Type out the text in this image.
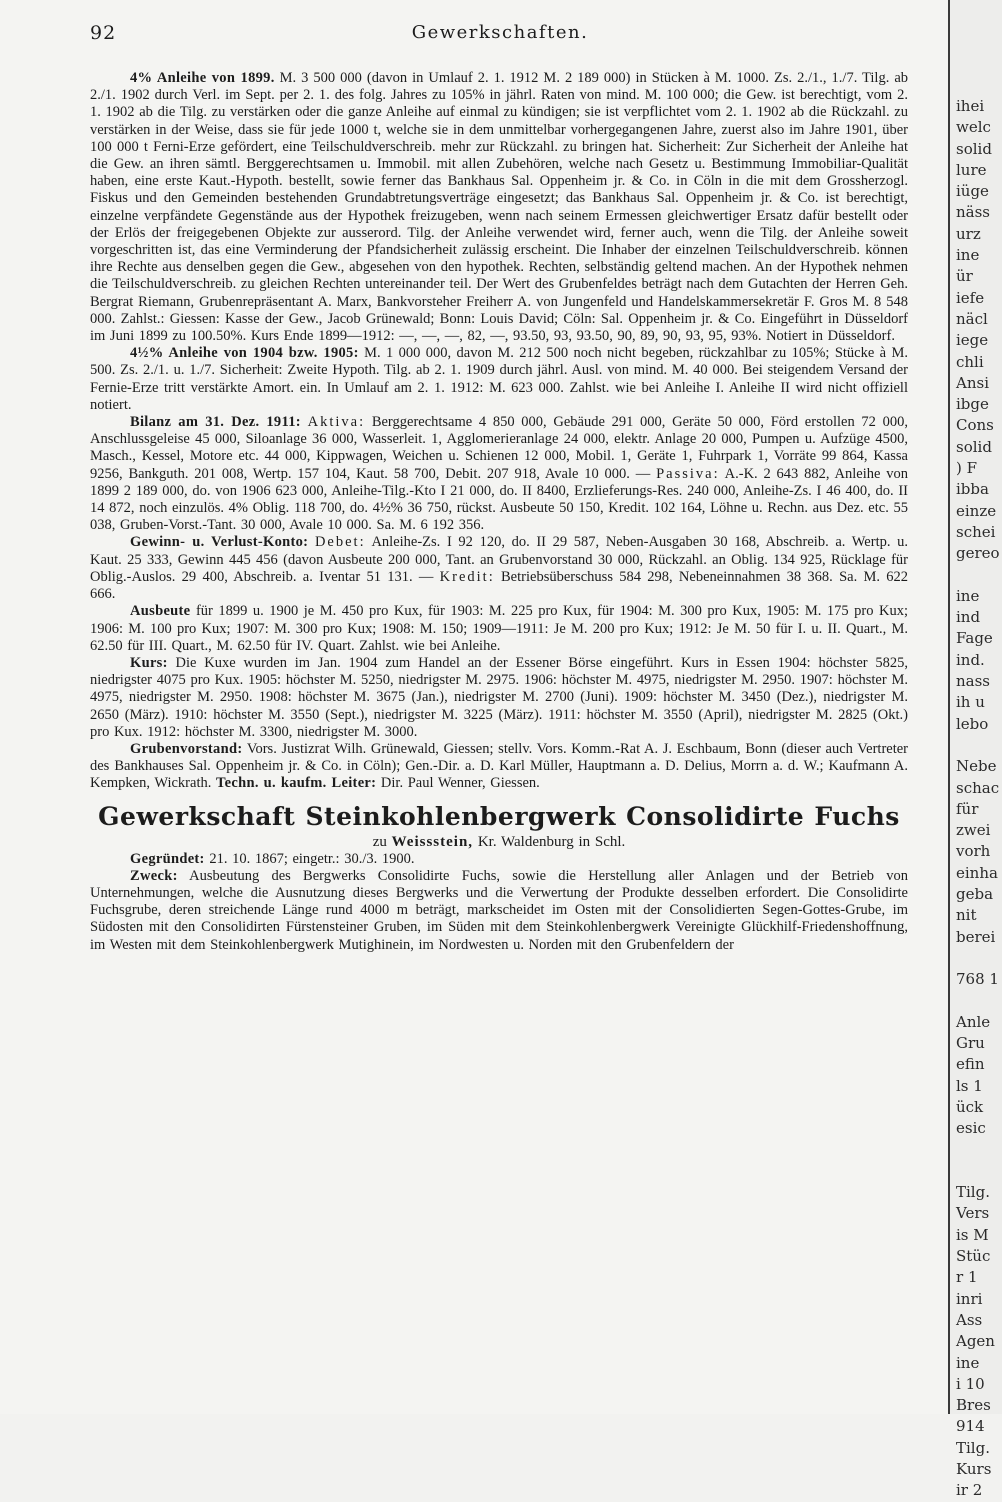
92	Gewerkschaften.

4% Anleihe von 1899. M. 3 500 000 (davon in Umlauf 2. 1. 1912 M. 2 189 000) in Stücken à M. 1000. Zs. 2./1., 1./7. Tilg. ab 2./1. 1902 durch Verl. im Sept. per 2. 1. des folg. Jahres zu 105% in jährl. Raten von mind. M. 100 000; die Gew. ist berechtigt, vom 2. 1. 1902 ab die Tilg. zu verstärken oder die ganze Anleihe auf einmal zu kündigen; sie ist verpflichtet vom 2. 1. 1902 ab die Rückzahl. zu verstärken in der Weise, dass sie für jede 1000 t, welche sie in dem unmittelbar vorhergegangenen Jahre, zuerst also im Jahre 1901, über 100 000 t Ferni-Erze gefördert, eine Teilschuldverschreib. mehr zur Rückzahl. zu bringen hat. Sicherheit: Zur Sicherheit der Anleihe hat die Gew. an ihren sämtl. Berggerechtsamen u. Immobil. mit allen Zubehören, welche nach Gesetz u. Bestimmung Immobiliar-Qualität haben, eine erste Kaut.-Hypoth. bestellt, sowie ferner das Bankhaus Sal. Oppenheim jr. & Co. in Cöln in die mit dem Grossherzogl. Fiskus und den Gemeinden bestehenden Grundabtretungsverträge eingesetzt; das Bankhaus Sal. Oppenheim jr. & Co. ist berechtigt, einzelne verpfändete Gegenstände aus der Hypothek freizugeben, wenn nach seinem Ermessen gleichwertiger Ersatz dafür bestellt oder der Erlös der freigegebenen Objekte zur ausserord. Tilg. der Anleihe verwendet wird, ferner auch, wenn die Tilg. der Anleihe soweit vorgeschritten ist, das eine Verminderung der Pfandsicherheit zulässig erscheint. Die Inhaber der einzelnen Teilschuldverschreib. können ihre Rechte aus denselben gegen die Gew., abgesehen von den hypothek. Rechten, selbständig geltend machen. An der Hypothek nehmen die Teilschuldverschreib. zu gleichen Rechten untereinander teil. Der Wert des Grubenfeldes beträgt nach dem Gutachten der Herren Geh. Bergrat Riemann, Grubenrepräsentant A. Marx, Bankvorsteher Freiherr A. von Jungenfeld und Handelskammersekretär F. Gros M. 8 548 000. Zahlst.: Giessen: Kasse der Gew., Jacob Grünewald; Bonn: Louis David; Cöln: Sal. Oppenheim jr. & Co. Eingeführt in Düsseldorf im Juni 1899 zu 100.50%. Kurs Ende 1899—1912: —, —, —, 82, —, 93.50, 93, 93.50, 90, 89, 90, 93, 95, 93%. Notiert in Düsseldorf.

4½% Anleihe von 1904 bzw. 1905: M. 1 000 000, davon M. 212 500 noch nicht begeben, rückzahlbar zu 105%; Stücke à M. 500. Zs. 2./1. u. 1./7. Sicherheit: Zweite Hypoth. Tilg. ab 2. 1. 1909 durch jährl. Ausl. von mind. M. 40 000. Bei steigendem Versand der Fernie-Erze tritt verstärkte Amort. ein. In Umlauf am 2. 1. 1912: M. 623 000. Zahlst. wie bei Anleihe I. Anleihe II wird nicht offiziell notiert.

Bilanz am 31. Dez. 1911: Aktiva: Berggerechtsame 4 850 000, Gebäude 291 000, Geräte 50 000, Förd erstollen 72 000, Anschlussgeleise 45 000, Siloanlage 36 000, Wasserleit. 1, Agglomerieranlage 24 000, elektr. Anlage 20 000, Pumpen u. Aufzüge 4500, Masch., Kessel, Motore etc. 44 000, Kippwagen, Weichen u. Schienen 12 000, Mobil. 1, Geräte 1, Fuhrpark 1, Vorräte 99 864, Kassa 9256, Bankguth. 201 008, Wertp. 157 104, Kaut. 58 700, Debit. 207 918, Avale 10 000. — Passiva: A.-K. 2 643 882, Anleihe von 1899 2 189 000, do. von 1906 623 000, Anleihe-Tilg.-Kto I 21 000, do. II 8400, Erzlieferungs-Res. 240 000, Anleihe-Zs. I 46 400, do. II 14 872, noch einzulös. 4% Oblig. 118 700, do. 4½% 36 750, rückst. Ausbeute 50 150, Kredit. 102 164, Löhne u. Rechn. aus Dez. etc. 55 038, Gruben-Vorst.-Tant. 30 000, Avale 10 000. Sa. M. 6 192 356.

Gewinn- u. Verlust-Konto: Debet: Anleihe-Zs. I 92 120, do. II 29 587, Neben-Ausgaben 30 168, Abschreib. a. Wertp. u. Kaut. 25 333, Gewinn 445 456 (davon Ausbeute 200 000, Tant. an Grubenvorstand 30 000, Rückzahl. an Oblig. 134 925, Rücklage für Oblig.-Auslos. 29 400, Abschreib. a. Iventar 51 131. — Kredit: Betriebsüberschuss 584 298, Nebeneinnahmen 38 368. Sa. M. 622 666.

Ausbeute für 1899 u. 1900 je M. 450 pro Kux, für 1903: M. 225 pro Kux, für 1904: M. 300 pro Kux, 1905: M. 175 pro Kux; 1906: M. 100 pro Kux; 1907: M. 300 pro Kux; 1908: M. 150; 1909—1911: Je M. 200 pro Kux; 1912: Je M. 50 für I. u. II. Quart., M. 62.50 für III. Quart., M. 62.50 für IV. Quart. Zahlst. wie bei Anleihe.

Kurs: Die Kuxe wurden im Jan. 1904 zum Handel an der Essener Börse eingeführt. Kurs in Essen 1904: höchster 5825, niedrigster 4075 pro Kux. 1905: höchster M. 5250, niedrigster M. 2975. 1906: höchster M. 4975, niedrigster M. 2950. 1907: höchster M. 4975, niedrigster M. 2950. 1908: höchster M. 3675 (Jan.), niedrigster M. 2700 (Juni). 1909: höchster M. 3450 (Dez.), niedrigster M. 2650 (März). 1910: höchster M. 3550 (Sept.), niedrigster M. 3225 (März). 1911: höchster M. 3550 (April), niedrigster M. 2825 (Okt.) pro Kux. 1912: höchster M. 3300, niedrigster M. 3000.

Grubenvorstand: Vors. Justizrat Wilh. Grünewald, Giessen; stellv. Vors. Komm.-Rat A. J. Eschbaum, Bonn (dieser auch Vertreter des Bankhauses Sal. Oppenheim jr. & Co. in Cöln); Gen.-Dir. a. D. Karl Müller, Hauptmann a. D. Delius, Morrn a. d. W.; Kaufmann A. Kempken, Wickrath. Techn. u. kaufm. Leiter: Dir. Paul Wenner, Giessen.

Gewerkschaft Steinkohlenbergwerk Consolidirte Fuchs

zu Weissstein, Kr. Waldenburg in Schl.

Gegründet: 21. 10. 1867; eingetr.: 30./3. 1900.

Zweck: Ausbeutung des Bergwerks Consolidirte Fuchs, sowie die Herstellung aller Anlagen und der Betrieb von Unternehmungen, welche die Ausnutzung dieses Bergwerks und die Verwertung der Produkte desselben erfordert. Die Consolidirte Fuchsgrube, deren streichende Länge rund 4000 m beträgt, markscheidet im Osten mit der Consolidierten Segen-Gottes-Grube, im Südosten mit den Consolidirten Fürstensteiner Gruben, im Süden mit dem Steinkohlenbergwerk Vereinigte Glückhilf-Friedenshoffnung, im Westen mit dem Steinkohlenbergwerk Mutighinein, im Nordwesten u. Norden mit den Grubenfeldern der

ihei
welc
solid
lure
iüge
näss
urz
ine
ür
iefe
näcl
iege
chli
Ansi
ibge
Cons
solid
) F
ibba
einze
schei
gereo

ine
ind
Fage
ind.
nass
ih u
lebo

Nebe
schac
für
zwei
vorh
einha
geba
nit
berei

768 1

Anle
Gru
efin
ls 1
ück
esic

Tilg.
Vers
is M
Stüc
r 1
inri
Ass
Agen
ine
i 10
Bres
914
Tilg.
Kurs
ir 2
